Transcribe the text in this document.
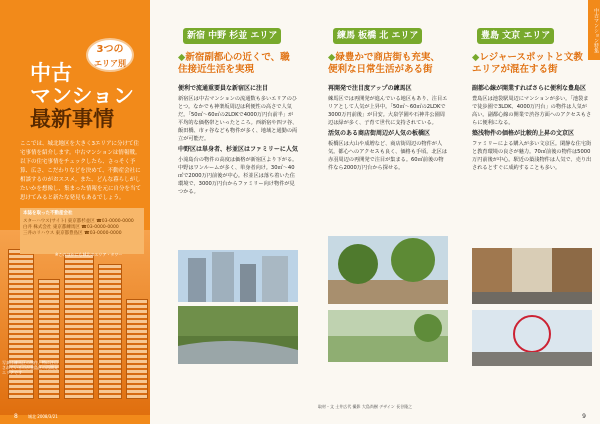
3つの
エリア別
中古
マンション
最新事情
ここでは、城北地区を大きく3エリアに分けて住宅事情を紹介します。中古マンションは情報戦。以下の住宅事情をチェックしたら、さっそく予算、広さ、こだわりなどを決めて、不動産会社に相談するのがおススメ。また、どんな暮らしがしたいかを想像し、集まった情報を元に自分を当て思けてみると新たな発見もあるでしょう。
本誌を取った不動産会社
スターハウス(サイト) 東京都杉並区 ☎03-0000-0000
白井 株式会社 東京都練馬区 ☎03-0000-0000
三井のリハウス 東京都豊島区 ☎03-0000-0000
※このほかにも城北のエリア・タワー
写真は練馬区の物件。特に注目されているのが豊島区の再開発エリアです
8	城北 2008/3/21
新宿 中野 杉並 エリア
◆新宿副都心の近くで、職住接近生活を実現
便利で流通重要員な新宿区に注目
新宿区は中古マンションの流通数も多いエリアのひとつ。なかでも神楽坂周辺は利便性の高さで人気だ。「50㎡〜60㎡の2LDKで4000万円台前半」が平均的な価格帯といったところ。西新宿や四ツ谷、飯田橋、市ヶ谷なども物件が多く、地域と通勤の両立が可能だ。
中野区は単身者、杉並区はファミリーに人気
小滝島台の物件の高度は価格が新宿区より下がる。中野はワンルームが多く、単身者向け。30㎡〜40㎡で2000万円前後が中心。杉並区は落ち着いた住環境で、3000万円台からファミリー向け物件が見つかる。
練馬 板橋 北 エリア
◆緑豊かで商店街も充実、便利な日常生活がある街
再開発で注目度アップの練馬区
練馬区では再開発が進んでいる地区もあり、注目エリアとして人気が上昇中。「50㎡〜60㎡の2LDKで3000万円前後」が目安。大泉学園や石神井公園周辺は緑が多く、子育て世代に支持されている。
活気のある商店街周辺が人気の板橋区
板橋区は大山や成増など、商店街周辺の物件が人気。都心へのアクセスも良く、価格も手頃。北区は赤羽周辺の再開発で注目が集まる。60㎡前後の物件なら2000万円台から探せる。
取材・文 土井広代 撮影 大島尚樹 デザイン 長谷隆之
豊島 文京 エリア
◆レジャースポットと文教エリアが混在する街
副都心線が開業すればさらに便利な豊島区
豊島区は池袋駅周辺にマンションが多い。「池袋まで徒歩圏で3LDK、4000万円台」の物件は人気が高い。副都心線の開業で渋谷方面へのアクセスもさらに便利になる。
築浅物件の価格が比較的上昇の文京区
ファミリーによる購入が多い文京区。閑静な住宅街と教育環境の良さが魅力。70㎡前後の物件は5000万円前後が中心。駅近の築浅物件は人気で、売り出されるとすぐに成約することも多い。
9
中古マンション特集
